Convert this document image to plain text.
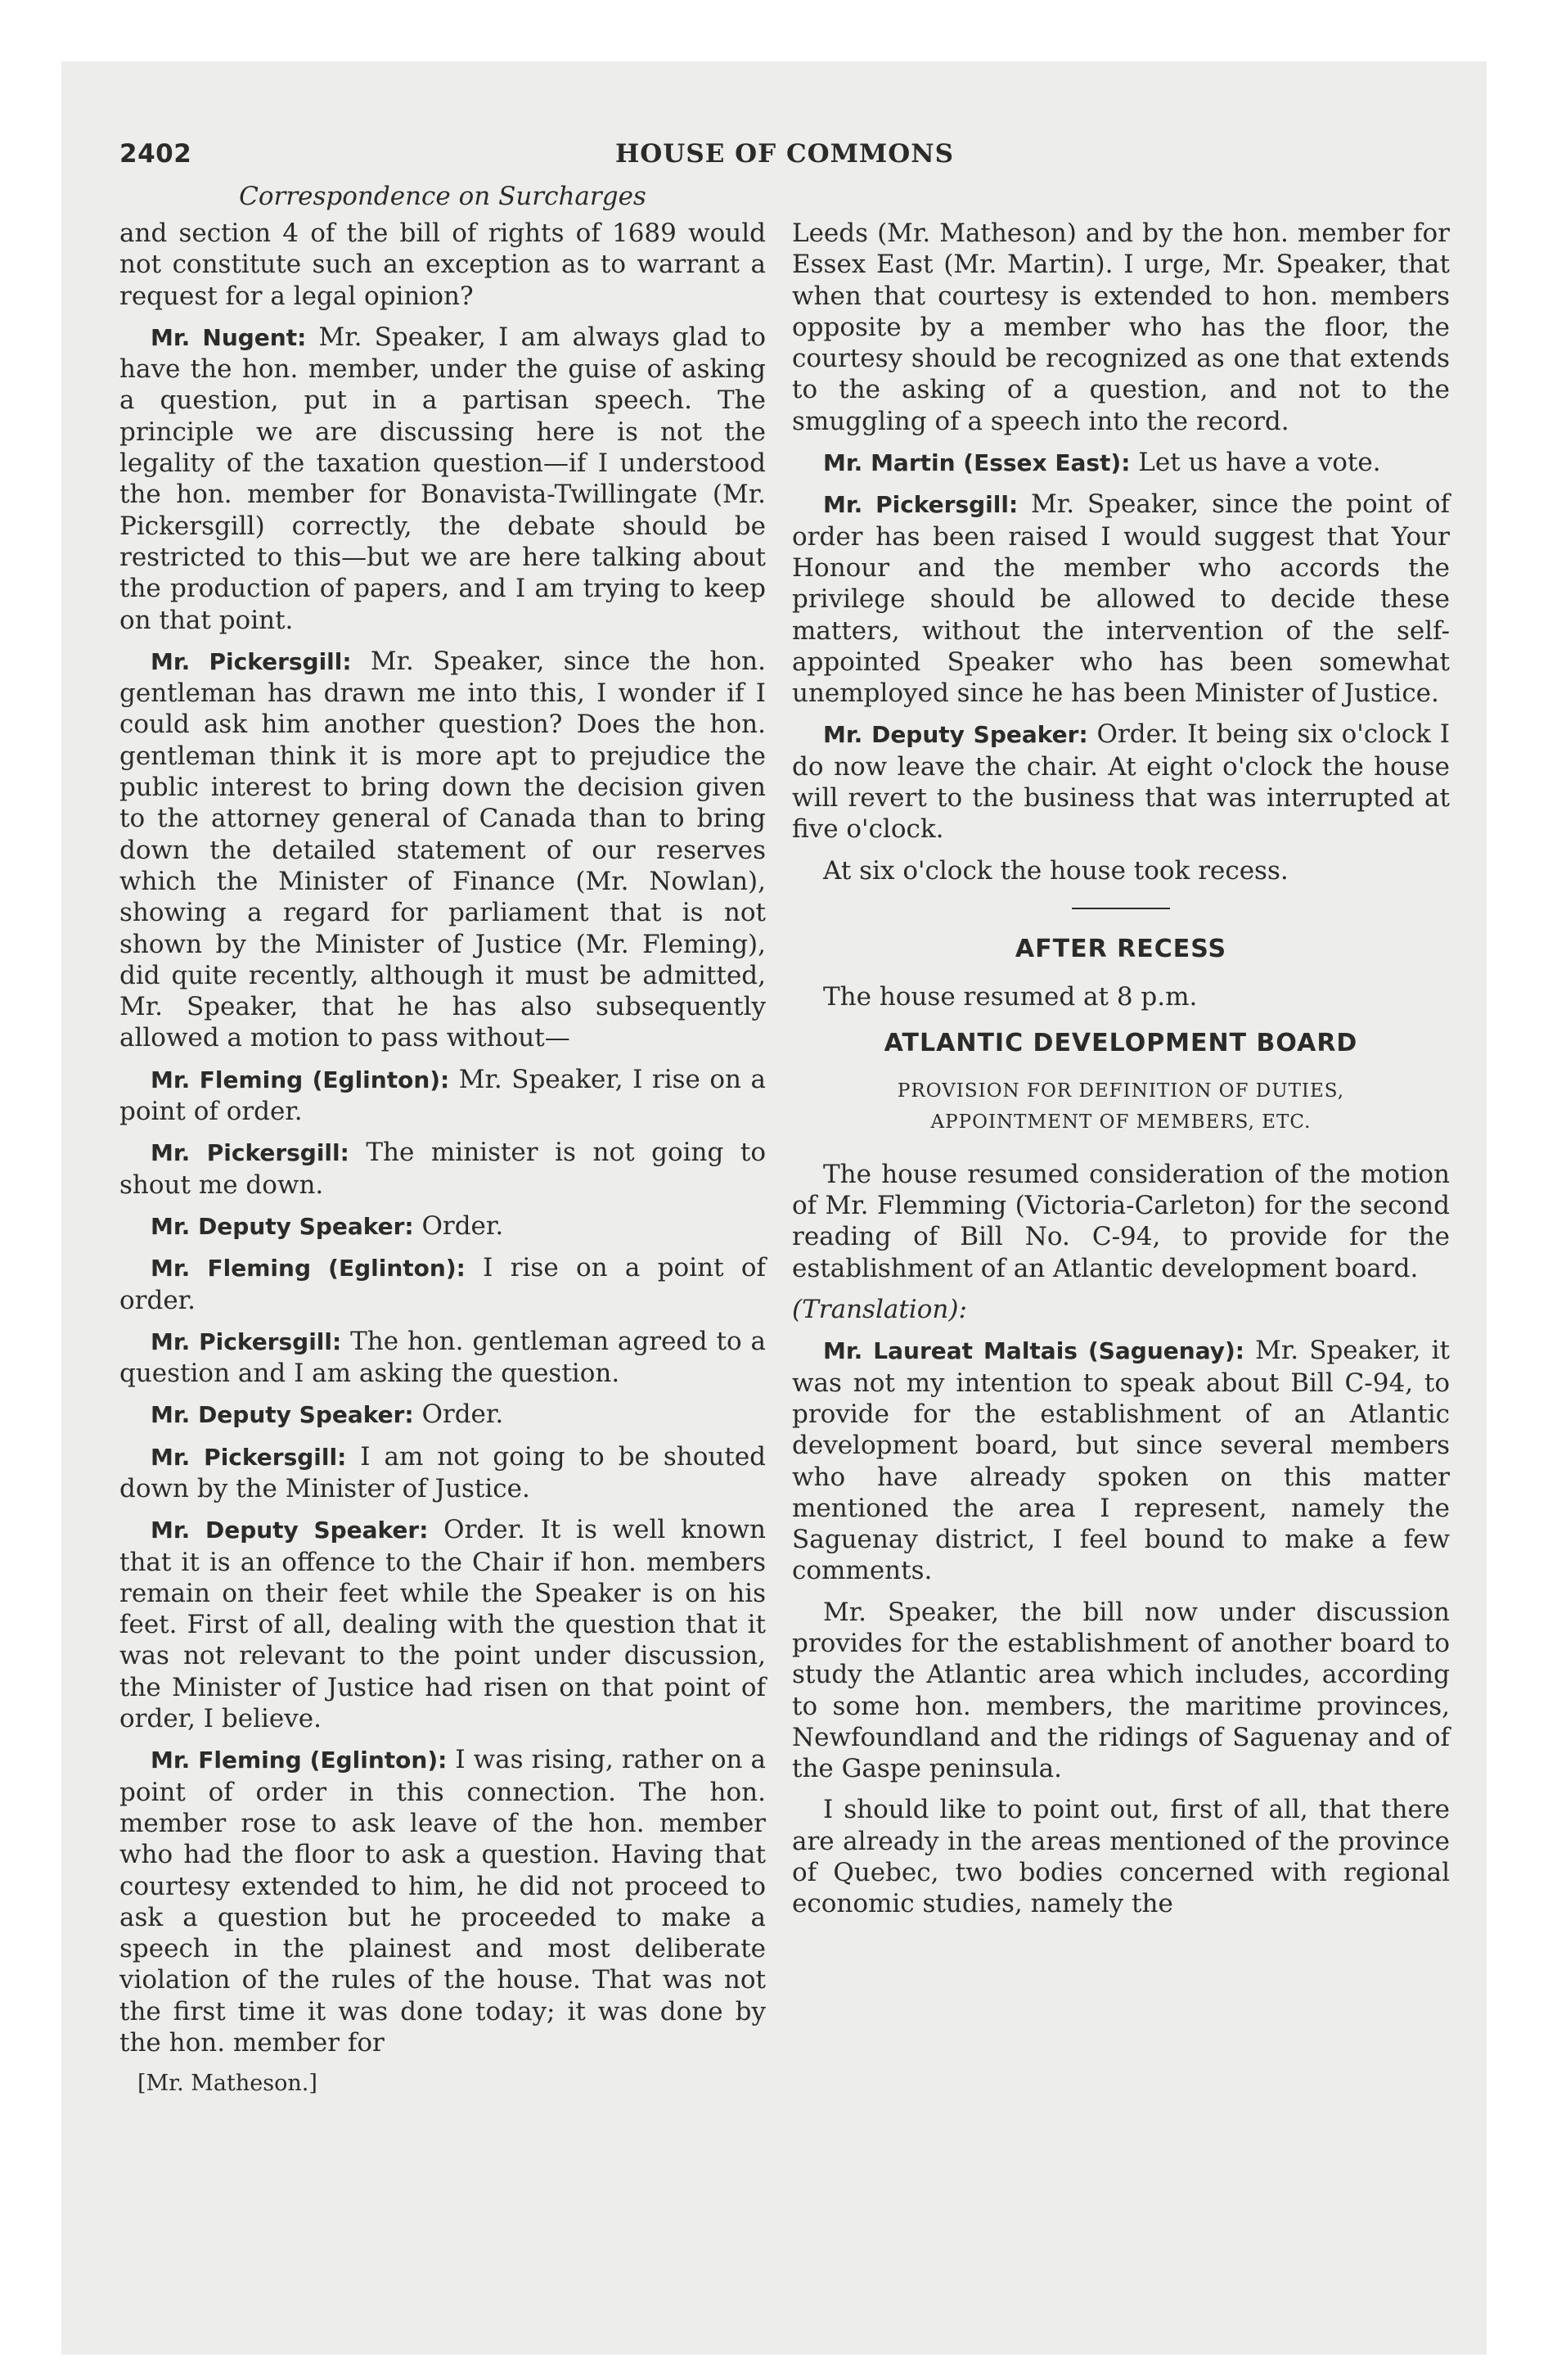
2402	HOUSE OF COMMONS
Correspondence on Surcharges

and section 4 of the bill of rights of 1689 would not constitute such an exception as to warrant a request for a legal opinion?

Mr. Nugent: Mr. Speaker, I am always glad to have the hon. member, under the guise of asking a question, put in a partisan speech. The principle we are discussing here is not the legality of the taxation question—if I understood the hon. member for Bonavista-Twillingate (Mr. Pickersgill) correctly, the debate should be restricted to this—but we are here talking about the production of papers, and I am trying to keep on that point.

Mr. Pickersgill: Mr. Speaker, since the hon. gentleman has drawn me into this, I wonder if I could ask him another question? Does the hon. gentleman think it is more apt to prejudice the public interest to bring down the decision given to the attorney general of Canada than to bring down the detailed statement of our reserves which the Minister of Finance (Mr. Nowlan), showing a regard for parliament that is not shown by the Minister of Justice (Mr. Fleming), did quite recently, although it must be admitted, Mr. Speaker, that he has also subsequently allowed a motion to pass without—

Mr. Fleming (Eglinton): Mr. Speaker, I rise on a point of order.

Mr. Pickersgill: The minister is not going to shout me down.

Mr. Deputy Speaker: Order.

Mr. Fleming (Eglinton): I rise on a point of order.

Mr. Pickersgill: The hon. gentleman agreed to a question and I am asking the question.

Mr. Deputy Speaker: Order.

Mr. Pickersgill: I am not going to be shouted down by the Minister of Justice.

Mr. Deputy Speaker: Order. It is well known that it is an offence to the Chair if hon. members remain on their feet while the Speaker is on his feet. First of all, dealing with the question that it was not relevant to the point under discussion, the Minister of Justice had risen on that point of order, I believe.

Mr. Fleming (Eglinton): I was rising, rather on a point of order in this connection. The hon. member rose to ask leave of the hon. member who had the floor to ask a question. Having that courtesy extended to him, he did not proceed to ask a question but he proceeded to make a speech in the plainest and most deliberate violation of the rules of the house. That was not the first time it was done today; it was done by the hon. member for

[Mr. Matheson.]

Leeds (Mr. Matheson) and by the hon. member for Essex East (Mr. Martin). I urge, Mr. Speaker, that when that courtesy is extended to hon. members opposite by a member who has the floor, the courtesy should be recognized as one that extends to the asking of a question, and not to the smuggling of a speech into the record.

Mr. Martin (Essex East): Let us have a vote.

Mr. Pickersgill: Mr. Speaker, since the point of order has been raised I would suggest that Your Honour and the member who accords the privilege should be allowed to decide these matters, without the intervention of the self-appointed Speaker who has been somewhat unemployed since he has been Minister of Justice.

Mr. Deputy Speaker: Order. It being six o'clock I do now leave the chair. At eight o'clock the house will revert to the business that was interrupted at five o'clock.

At six o'clock the house took recess.

AFTER RECESS

The house resumed at 8 p.m.

ATLANTIC DEVELOPMENT BOARD

PROVISION FOR DEFINITION OF DUTIES,
APPOINTMENT OF MEMBERS, ETC.

The house resumed consideration of the motion of Mr. Flemming (Victoria-Carleton) for the second reading of Bill No. C-94, to provide for the establishment of an Atlantic development board.

(Translation):

Mr. Laureat Maltais (Saguenay): Mr. Speaker, it was not my intention to speak about Bill C-94, to provide for the establishment of an Atlantic development board, but since several members who have already spoken on this matter mentioned the area I represent, namely the Saguenay district, I feel bound to make a few comments.

Mr. Speaker, the bill now under discussion provides for the establishment of another board to study the Atlantic area which includes, according to some hon. members, the maritime provinces, Newfoundland and the ridings of Saguenay and of the Gaspe peninsula.

I should like to point out, first of all, that there are already in the areas mentioned of the province of Quebec, two bodies concerned with regional economic studies, namely the
